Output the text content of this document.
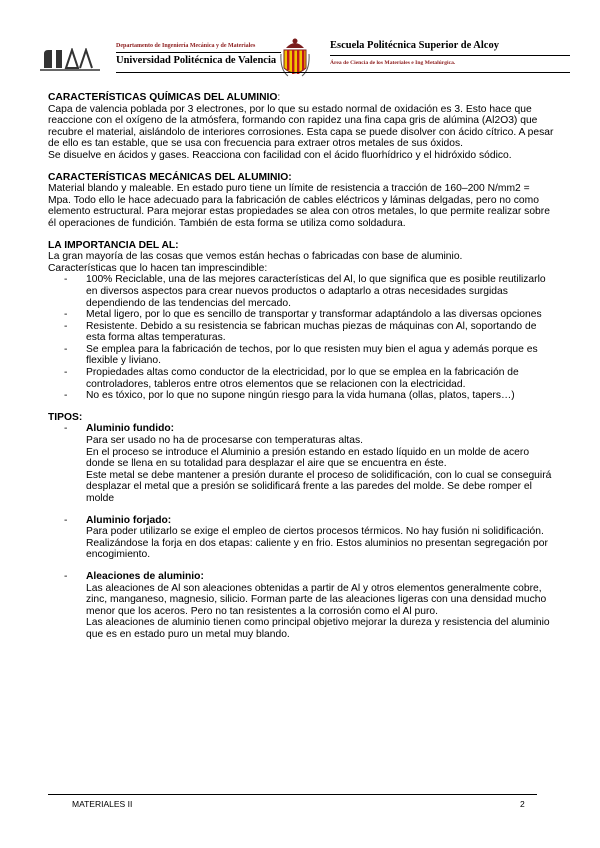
Departamento de Ingeniería Mecánica y de Materiales
Universidad Politécnica de Valencia
Escuela Politécnica Superior de Alcoy
Área de Ciencia de los Materiales e Ing Metalúrgica.
CARACTERÍSTICAS QUÍMICAS DEL ALUMINIO:

Capa de valencia poblada por 3 electrones, por lo que su estado normal de oxidación es 3. Esto hace que reaccione con el oxígeno de la atmósfera, formando con rapidez una fina capa gris de alúmina (Al2O3) que recubre el material, aislándolo de interiores corrosiones. Esta capa se puede disolver con ácido cítrico. A pesar de ello es tan estable, que se usa con frecuencia para extraer otros metales de sus óxidos.

Se disuelve en ácidos y gases. Reacciona con facilidad con el ácido fluorhídrico y el hidróxido sódico.

CARACTERÍSTICAS MECÁNICAS DEL ALUMINIO:

Material blando y maleable. En estado puro tiene un límite de resistencia a tracción de 160–200 N/mm2 = Mpa. Todo ello le hace adecuado para la fabricación de cables eléctricos y láminas delgadas, pero no como elemento estructural. Para mejorar estas propiedades se alea con otros metales, lo que permite realizar sobre él operaciones de fundición. También de esta forma se utiliza como soldadura.

LA IMPORTANCIA DEL AL:

La gran mayoría de las cosas que vemos están hechas o fabricadas con base de aluminio.

Características que lo hacen tan imprescindible:

- 100% Reciclable, una de las mejores características del Al, lo que significa que es posible reutilizarlo en diversos aspectos para crear nuevos productos o adaptarlo a otras necesidades surgidas dependiendo de las tendencias del mercado.
- Metal ligero, por lo que es sencillo de transportar y transformar adaptándolo a las diversas opciones
- Resistente. Debido a su resistencia se fabrican muchas piezas de máquinas con Al, soportando de esta forma altas temperaturas.
- Se emplea para la fabricación de techos, por lo que resisten muy bien el agua y además porque es flexible y liviano.
- Propiedades altas como conductor de la electricidad, por lo que se emplea en la fabricación de controladores, tableros entre otros elementos que se relacionen con la electricidad.
- No es tóxico, por lo que no supone ningún riesgo para la vida humana (ollas, platos, tapers…)
TIPOS:
- Aluminio fundido:

Para ser usado no ha de procesarse con temperaturas altas.

En el proceso se introduce el Aluminio a presión estando en estado líquido en un molde de acero donde se llena en su totalidad para desplazar el aire que se encuentra en éste.

Este metal se debe mantener a presión durante el proceso de solidificación, con lo cual se conseguirá desplazar el metal que a presión se solidificará frente a las paredes del molde. Se debe romper el molde

- Aluminio forjado:

Para poder utilizarlo se exige el empleo de ciertos procesos térmicos. No hay fusión ni solidificación. Realizándose la forja en dos etapas: caliente y en frio. Estos aluminios no presentan segregación por encogimiento.

- Aleaciones de aluminio:

Las aleaciones de Al son aleaciones obtenidas a partir de Al y otros elementos generalmente cobre, zinc, manganeso, magnesio, silicio. Forman parte de las aleaciones ligeras con una densidad mucho menor que los aceros. Pero no tan resistentes a la corrosión como el Al puro.

Las aleaciones de aluminio tienen como principal objetivo mejorar la dureza y resistencia del aluminio que es en estado puro un metal muy blando.

MATERIALES II	2
